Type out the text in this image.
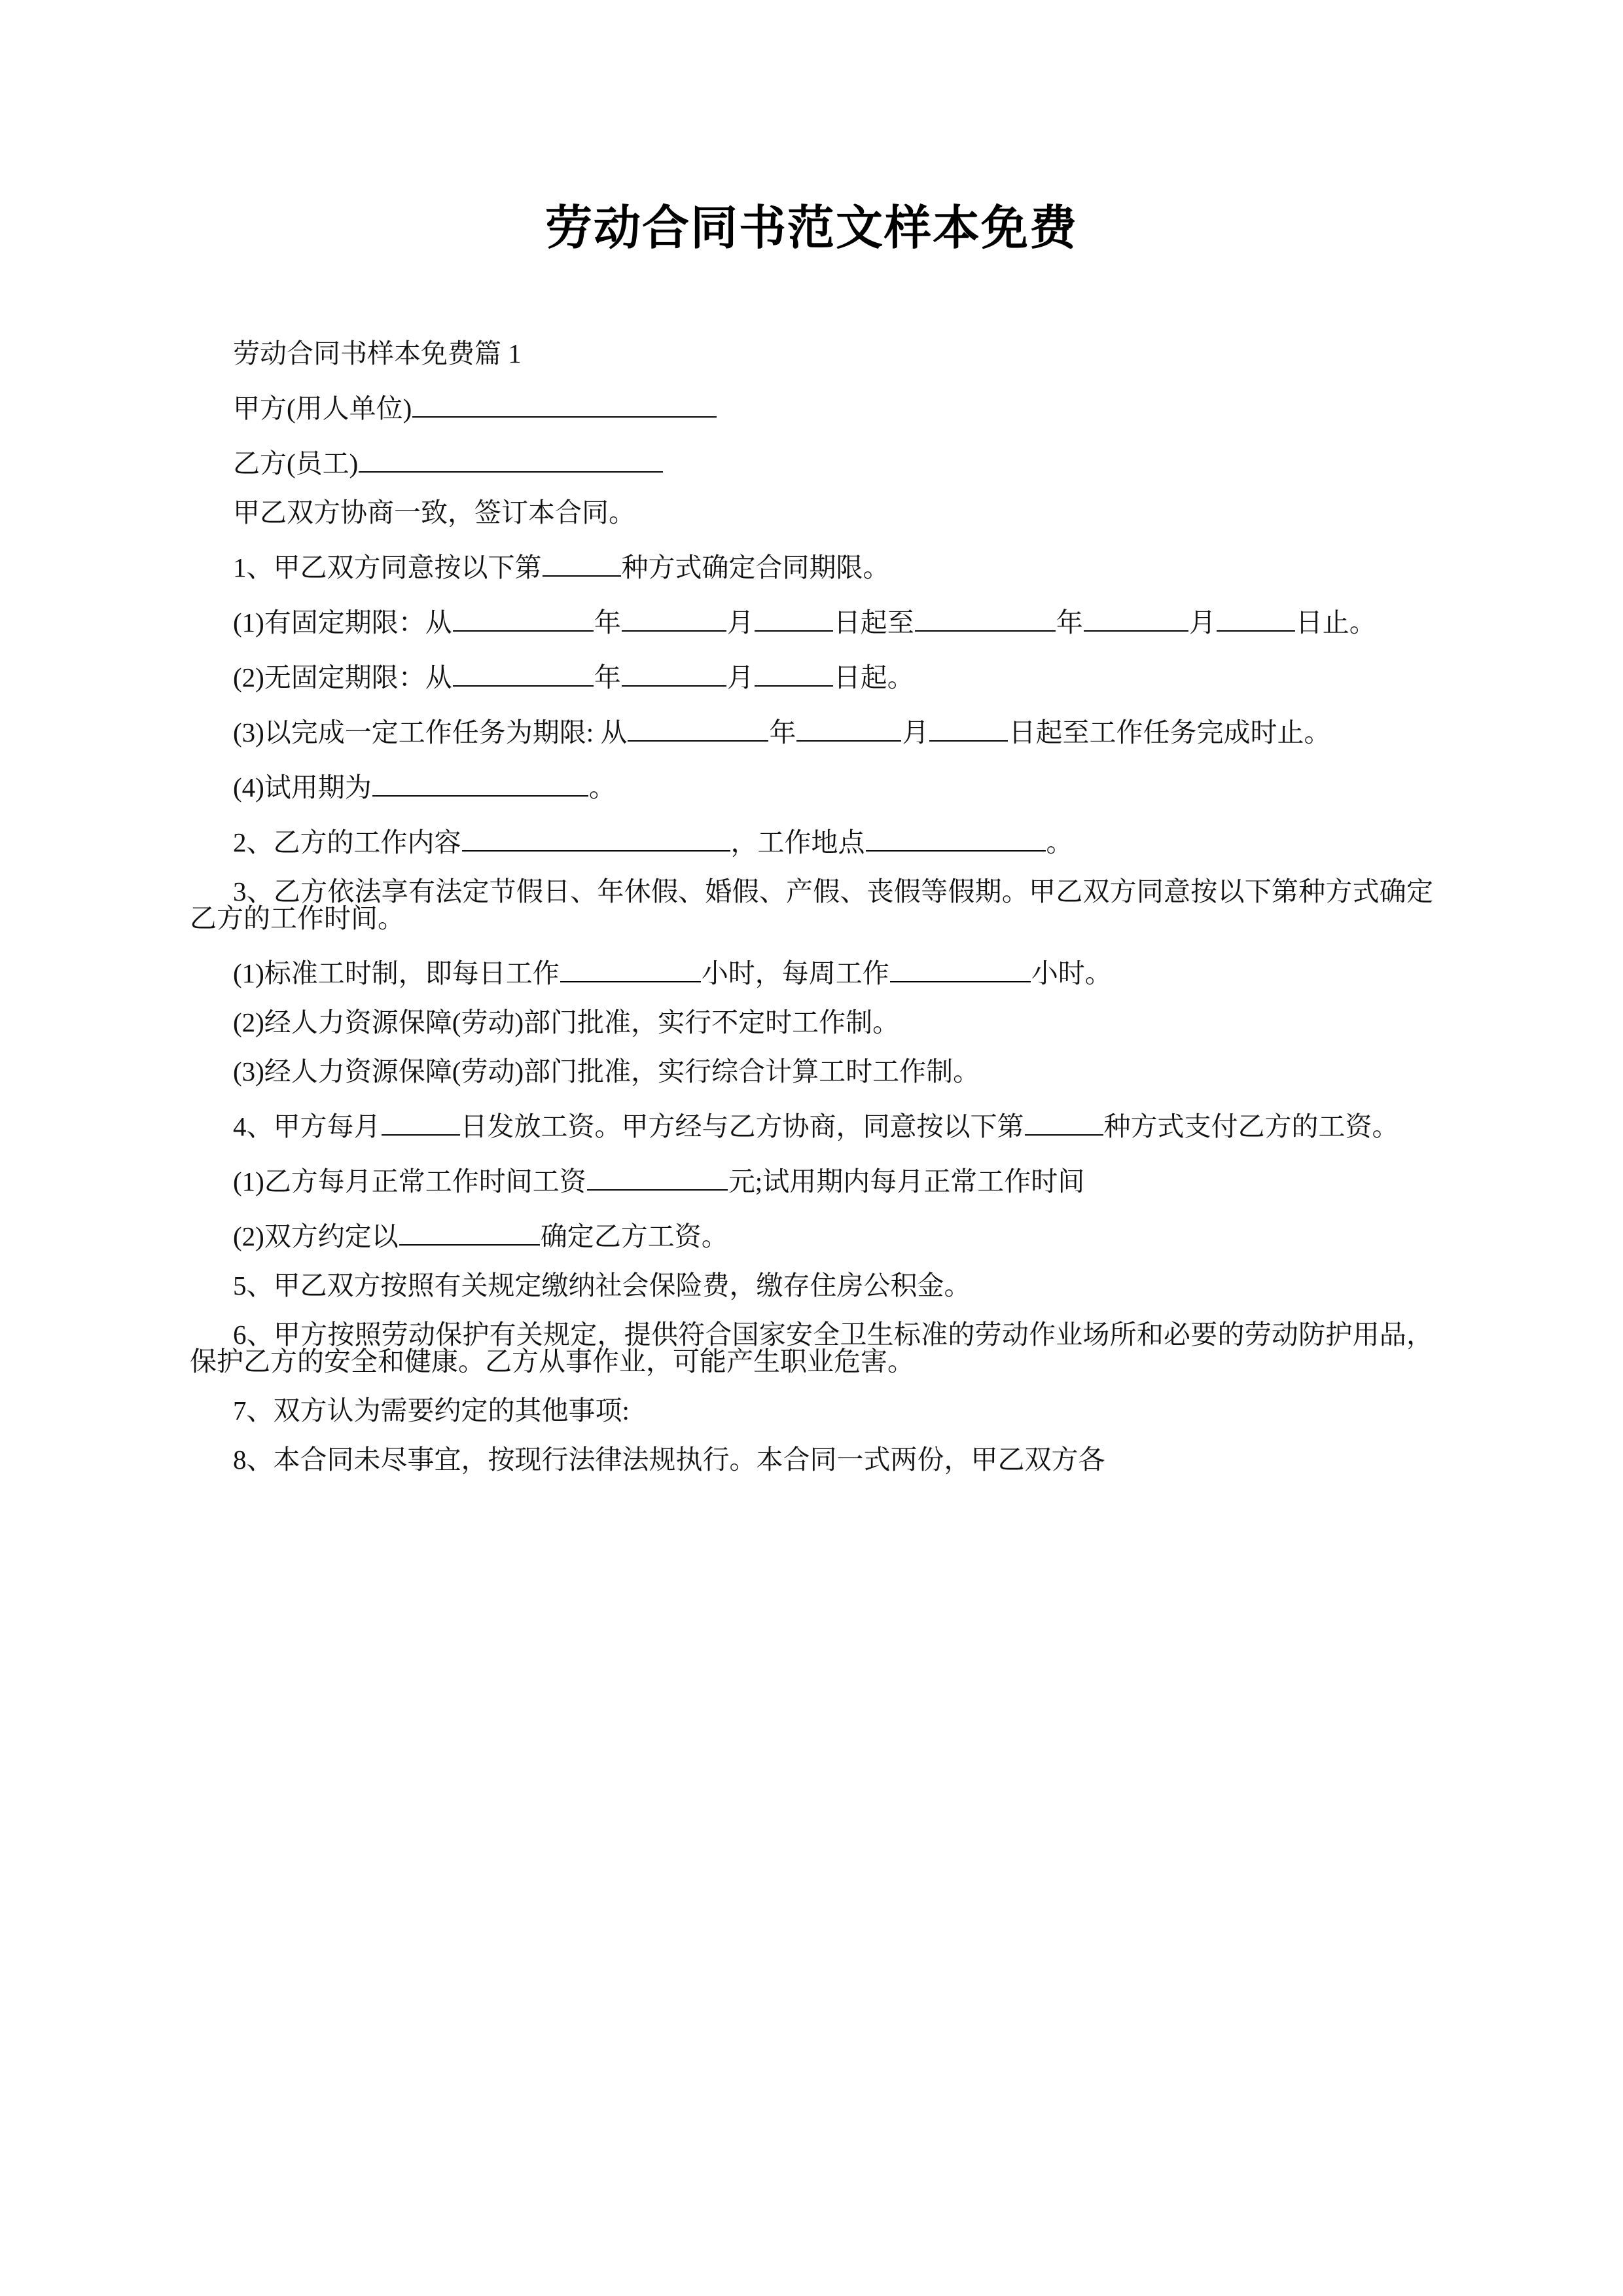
劳动合同书范文样本免费

劳动合同书样本免费篇 1

甲方(用人单位)

乙方(员工)

甲乙双方协商一致，签订本合同。

1、甲乙双方同意按以下第	种方式确定合同期限。

(1)有固定期限：从	年	月	日起至	年	月	日止。

(2)无固定期限：从	年	月	日起。

(3)以完成一定工作任务为期限: 从	年	月	日起至工作任务完成时止。

(4)试用期为	。

2、乙方的工作内容	，工作地点	。

3、乙方依法享有法定节假日、年休假、婚假、产假、丧假等假期。甲乙双方同意按以下第种方式确定乙方的工作时间。

(1)标准工时制，即每日工作	小时，每周工作	小时。

(2)经人力资源保障(劳动)部门批准，实行不定时工作制。

(3)经人力资源保障(劳动)部门批准，实行综合计算工时工作制。

4、甲方每月	日发放工资。甲方经与乙方协商，同意按以下第	种方式支付乙方的工资。

(1)乙方每月正常工作时间工资	元;试用期内每月正常工作时间

(2)双方约定以	确定乙方工资。

5、甲乙双方按照有关规定缴纳社会保险费，缴存住房公积金。

6、甲方按照劳动保护有关规定，提供符合国家安全卫生标准的劳动作业场所和必要的劳动防护用品，保护乙方的安全和健康。乙方从事作业，可能产生职业危害。

7、双方认为需要约定的其他事项:

8、本合同未尽事宜，按现行法律法规执行。本合同一式两份，甲乙双方各
